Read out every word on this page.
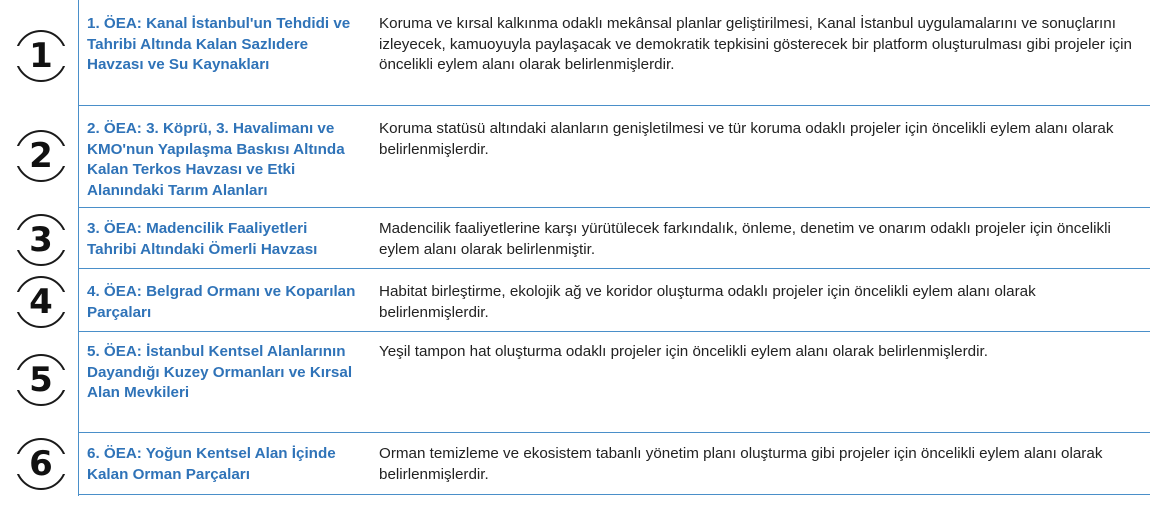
1
1. ÖEA: Kanal İstanbul'un Tehdidi ve Tahribi Altında Kalan Sazlıdere Havzası ve Su Kaynakları
Koruma ve kırsal kalkınma odaklı mekânsal planlar geliştirilmesi, Kanal İstanbul uygulamalarını ve sonuçlarını izleyecek, kamuoyuyla paylaşacak ve demokratik tepkisini gösterecek bir platform oluşturulması gibi projeler için öncelikli eylem alanı olarak belirlenmişlerdir.
2
2. ÖEA: 3. Köprü, 3. Havalimanı ve KMO'nun Yapılaşma Baskısı Altında Kalan Terkos Havzası ve Etki Alanındaki Tarım Alanları
Koruma statüsü altındaki alanların genişletilmesi ve tür koruma odaklı projeler için öncelikli eylem alanı olarak belirlenmişlerdir.
3 3. ÖEA: Madencilik Faaliyetleri Tahribi Altındaki Ömerli Havzası
Madencilik faaliyetlerine karşı yürütülecek farkındalık, önleme, denetim ve onarım odaklı projeler için öncelikli eylem alanı olarak belirlenmiştir.
4 4. ÖEA: Belgrad Ormanı ve Koparılan Parçaları
Habitat birleştirme, ekolojik ağ ve koridor oluşturma odaklı projeler için öncelikli eylem alanı olarak belirlenmişlerdir.
5
5. ÖEA: İstanbul Kentsel Alanlarının Dayandığı Kuzey Ormanları ve Kırsal Alan Mevkileri
Yeşil tampon hat oluşturma odaklı projeler için öncelikli eylem alanı olarak belirlenmişlerdir.
6 6. ÖEA: Yoğun Kentsel Alan İçinde Kalan Orman Parçaları
Orman temizleme ve ekosistem tabanlı yönetim planı oluşturma gibi projeler için öncelikli eylem alanı olarak belirlenmişlerdir.
